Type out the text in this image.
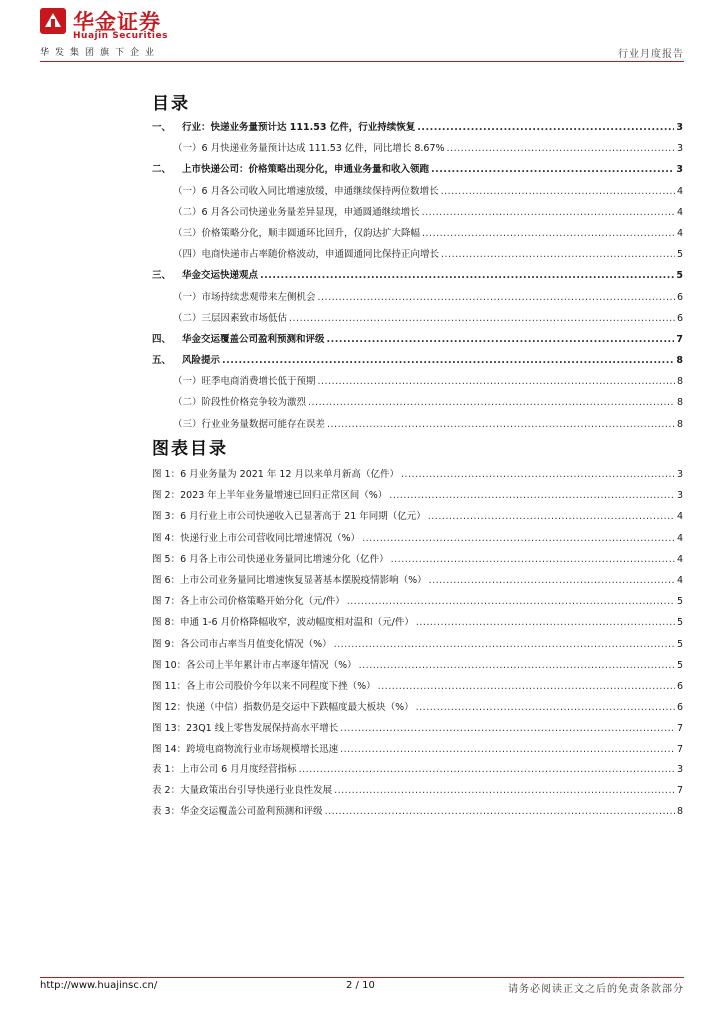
华金证券
Huajin Securities
华发集团旗下企业	行业月度报告
目录
一、	行业：快递业务量预计达 111.53 亿件，行业持续恢复 .....	3
（一）6 月快递业务量预计达成 111.53 亿件，同比增长 8.67% .....	3
二、	上市快递公司：价格策略出现分化，申通业务量和收入领跑 .....	3
（一）6 月各公司收入同比增速放缓，申通继续保持两位数增长 .....	4
（二）6 月各公司快递业务量差异显现，申通圆通继续增长 .....	4
（三）价格策略分化，顺丰圆通环比回升，仅韵达扩大降幅 .....	4
（四）电商快递市占率随价格波动，申通圆通同比保持正向增长 .....	5
三、	华金交运快递观点 .....	5
（一）市场持续悲观带来左侧机会 .....	6
（二）三层因素致市场低估 .....	6
四、	华金交运覆盖公司盈利预测和评级 .....	7
五、	风险提示 .....	8
（一）旺季电商消费增长低于预期 .....	8
（二）阶段性价格竞争较为激烈 .....	8
（三）行业业务量数据可能存在误差 .....	8
图表目录
图 1：6 月业务量为 2021 年 12 月以来单月新高（亿件） .....	3
图 2：2023 年上半年业务量增速已回归正常区间（%） .....	3
图 3：6 月行业上市公司快递收入已显著高于 21 年同期（亿元） .....	4
图 4：快递行业上市公司营收同比增速情况（%） .....	4
图 5：6 月各上市公司快递业务量同比增速分化（亿件） .....	4
图 6：上市公司业务量同比增速恢复显著基本摆脱疫情影响（%） .....	4
图 7：各上市公司价格策略开始分化（元/件） .....	5
图 8：申通 1-6 月价格降幅收窄，波动幅度相对温和（元/件） .....	5
图 9：各公司市占率当月值变化情况（%） .....	5
图 10：各公司上半年累计市占率逐年情况（%） .....	5
图 11：各上市公司股价今年以来不同程度下挫（%） .....	6
图 12：快递（中信）指数仍是交运中下跌幅度最大板块（%） .....	6
图 13：23Q1 线上零售发展保持高水平增长 .....	7
图 14：跨境电商物流行业市场规模增长迅速 .....	7
表 1：上市公司 6 月月度经营指标 .....	3
表 2：大量政策出台引导快递行业良性发展 .....	7
表 3：华金交运覆盖公司盈利预测和评级 .....	8
http://www.huajinsc.cn/	2 / 10	请务必阅读正文之后的免责条款部分
